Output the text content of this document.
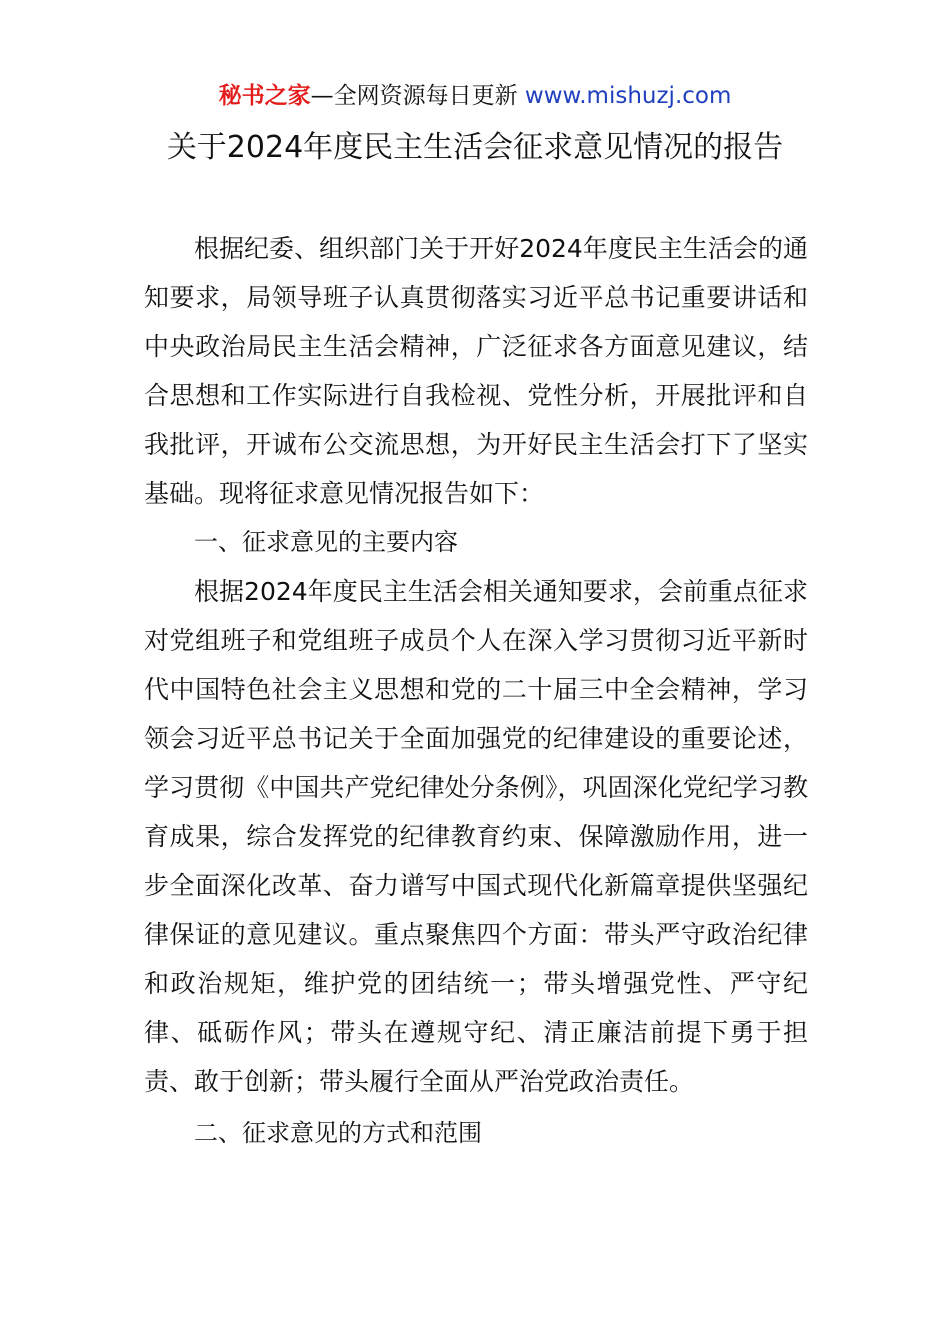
秘书之家—全网资源每日更新 www.mishuzj.com
关于2024年度民主生活会征求意见情况的报告

根据纪委、组织部门关于开好2024年度民主生活会的通知要求，局领导班子认真贯彻落实习近平总书记重要讲话和中央政治局民主生活会精神，广泛征求各方面意见建议，结合思想和工作实际进行自我检视、党性分析，开展批评和自我批评，开诚布公交流思想，为开好民主生活会打下了坚实基础。现将征求意见情况报告如下：

一、征求意见的主要内容

根据2024年度民主生活会相关通知要求，会前重点征求对党组班子和党组班子成员个人在深入学习贯彻习近平新时代中国特色社会主义思想和党的二十届三中全会精神，学习领会习近平总书记关于全面加强党的纪律建设的重要论述，学习贯彻《中国共产党纪律处分条例》，巩固深化党纪学习教育成果，综合发挥党的纪律教育约束、保障激励作用，进一步全面深化改革、奋力谱写中国式现代化新篇章提供坚强纪律保证的意见建议。重点聚焦四个方面：带头严守政治纪律和政治规矩，维护党的团结统一；带头增强党性、严守纪律、砥砺作风；带头在遵规守纪、清正廉洁前提下勇于担责、敢于创新；带头履行全面从严治党政治责任。

二、征求意见的方式和范围
